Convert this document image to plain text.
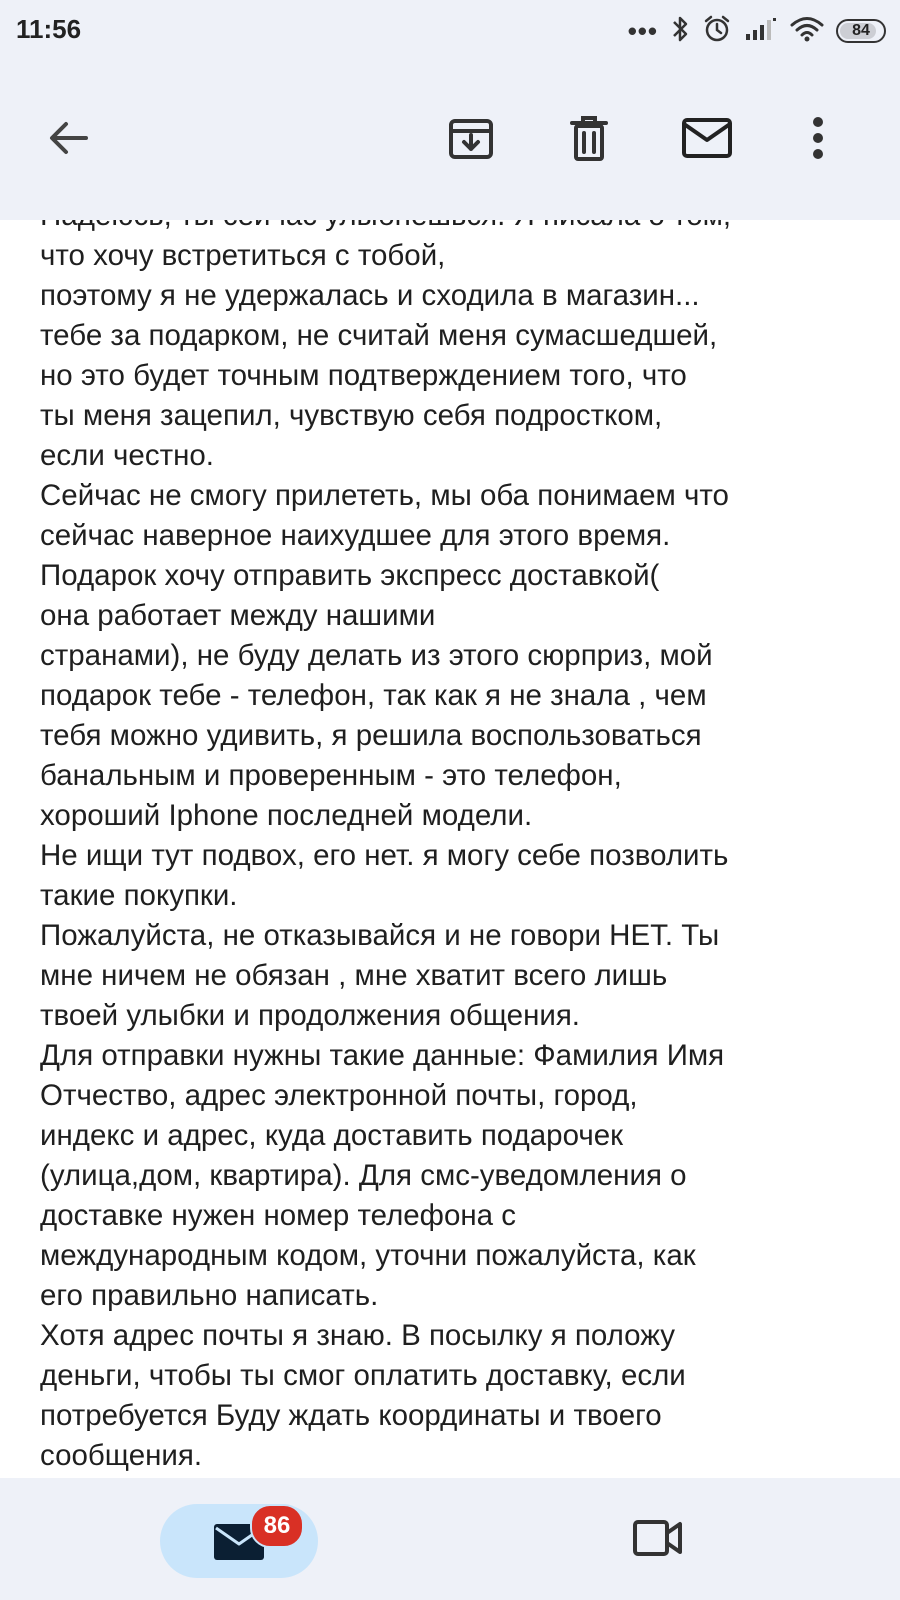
11:56	•••	84
что хочу встретиться с тобой,
поэтому я не удержалась и сходила в магазин...
тебе за подарком, не считай меня сумасшедшей,
но это будет точным подтверждением того, что
ты меня зацепил, чувствую себя подростком,
если честно.
Сейчас не смогу прилететь, мы оба понимаем что
сейчас наверное наихудшее для этого время.
Подарок хочу отправить экспресс доставкой(
она работает между нашими
странами), не буду делать из этого сюрприз, мой
подарок тебе - телефон, так как я не знала , чем
тебя можно удивить, я решила воспользоваться
банальным и проверенным - это телефон,
хороший Iphone последней модели.
Не ищи тут подвох, его нет. я могу себе позволить
такие покупки.
Пожалуйста, не отказывайся и не говори НЕТ. Ты
мне ничем не обязан , мне хватит всего лишь
твоей улыбки и продолжения общения.
Для отправки нужны такие данные: Фамилия Имя
Отчество, адрес электронной почты, город,
индекс и адрес, куда доставить подарочек
(улица,дом, квартира). Для смс-уведомления о
доставке нужен номер телефона с
международным кодом, уточни пожалуйста, как
его правильно написать.
Хотя адрес почты я знаю. В посылку я положу
деньги, чтобы ты смог оплатить доставку, если
потребуется Буду ждать координаты и твоего
сообщения.
86
